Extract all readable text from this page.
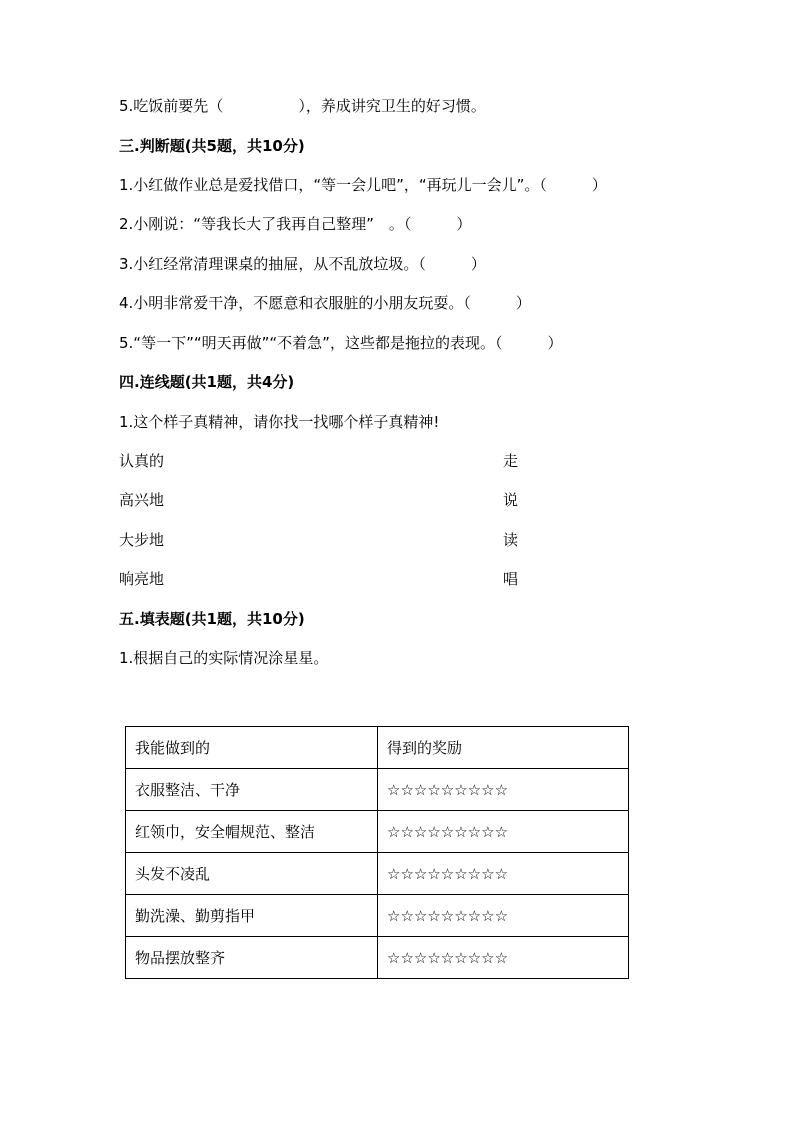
5.吃饭前要先（　　　　　），养成讲究卫生的好习惯。
三.判断题(共5题，共10分)
1.小红做作业总是爱找借口，“等一会儿吧”，“再玩儿一会儿”。（　　　）
2.小刚说：“等我长大了我再自己整理”　。（　　　）
3.小红经常清理课桌的抽屉，从不乱放垃圾。（　　　）
4.小明非常爱干净，不愿意和衣服脏的小朋友玩耍。（　　　）
5.“等一下”“明天再做”“不着急”，这些都是拖拉的表现。（　　　）
四.连线题(共1题，共4分)
1.这个样子真精神，请你找一找哪个样子真精神!
认真的	走
高兴地	说
大步地	读
响亮地	唱
五.填表题(共1题，共10分)
1.根据自己的实际情况涂星星。
我能做到的	得到的奖励
衣服整洁、干净	☆☆☆☆☆☆☆☆☆
红领巾，安全帽规范、整洁	☆☆☆☆☆☆☆☆☆
头发不凌乱	☆☆☆☆☆☆☆☆☆
勤洗澡、勤剪指甲	☆☆☆☆☆☆☆☆☆
物品摆放整齐	☆☆☆☆☆☆☆☆☆
